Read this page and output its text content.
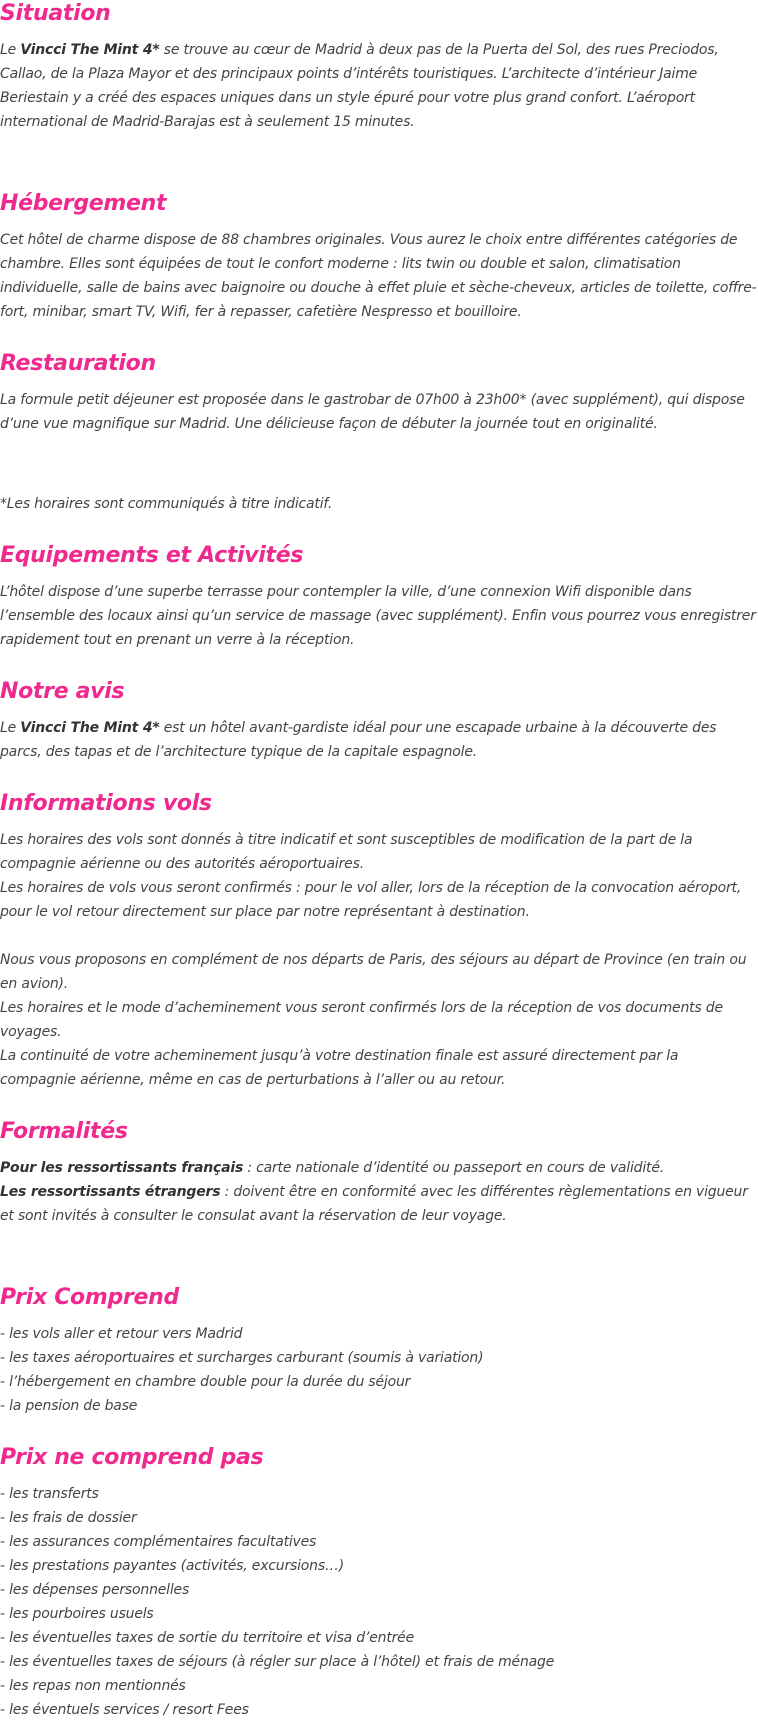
Situation

Le Vincci The Mint 4* se trouve au cœur de Madrid à deux pas de la Puerta del Sol, des rues Preciodos, Callao, de la Plaza Mayor et des principaux points d’intérêts touristiques. L’architecte d’intérieur Jaime Beriestain y a créé des espaces uniques dans un style épuré pour votre plus grand confort. L’aéroport international de Madrid-Barajas est à seulement 15 minutes.

Hébergement

Cet hôtel de charme dispose de 88 chambres originales. Vous aurez le choix entre différentes catégories de chambre. Elles sont équipées de tout le confort moderne : lits twin ou double et salon, climatisation individuelle, salle de bains avec baignoire ou douche à effet pluie et sèche-cheveux, articles de toilette, coffre-fort, minibar, smart TV, Wifi, fer à repasser, cafetière Nespresso et bouilloire.

Restauration

La formule petit déjeuner est proposée dans le gastrobar de 07h00 à 23h00* (avec supplément), qui dispose d’une vue magnifique sur Madrid. Une délicieuse façon de débuter la journée tout en originalité.

*Les horaires sont communiqués à titre indicatif.

Equipements et Activités

L’hôtel dispose d’une superbe terrasse pour contempler la ville, d’une connexion Wifi disponible dans l’ensemble des locaux ainsi qu’un service de massage (avec supplément). Enfin vous pourrez vous enregistrer rapidement tout en prenant un verre à la réception.

Notre avis

Le Vincci The Mint 4* est un hôtel avant-gardiste idéal pour une escapade urbaine à la découverte des parcs, des tapas et de l’architecture typique de la capitale espagnole.

Informations vols

Les horaires des vols sont donnés à titre indicatif et sont susceptibles de modification de la part de la compagnie aérienne ou des autorités aéroportuaires.

Les horaires de vols vous seront confirmés : pour le vol aller, lors de la réception de la convocation aéroport, pour le vol retour directement sur place par notre représentant à destination.

Nous vous proposons en complément de nos départs de Paris, des séjours au départ de Province (en train ou en avion).

Les horaires et le mode d’acheminement vous seront confirmés lors de la réception de vos documents de voyages.

La continuité de votre acheminement jusqu’à votre destination finale est assuré directement par la compagnie aérienne, même en cas de perturbations à l’aller ou au retour.

Formalités

Pour les ressortissants français : carte nationale d’identité ou passeport en cours de validité.

Les ressortissants étrangers : doivent être en conformité avec les différentes règlementations en vigueur et sont invités à consulter le consulat avant la réservation de leur voyage.

Prix Comprend
- les vols aller et retour vers Madrid
- les taxes aéroportuaires et surcharges carburant (soumis à variation)
- l’hébergement en chambre double pour la durée du séjour
- la pension de base
Prix ne comprend pas
- les transferts
- les frais de dossier
- les assurances complémentaires facultatives
- les prestations payantes (activités, excursions…)
- les dépenses personnelles
- les pourboires usuels
- les éventuelles taxes de sortie du territoire et visa d’entrée
- les éventuelles taxes de séjours (à régler sur place à l’hôtel) et frais de ménage
- les repas non mentionnés
- les éventuels services / resort Fees
